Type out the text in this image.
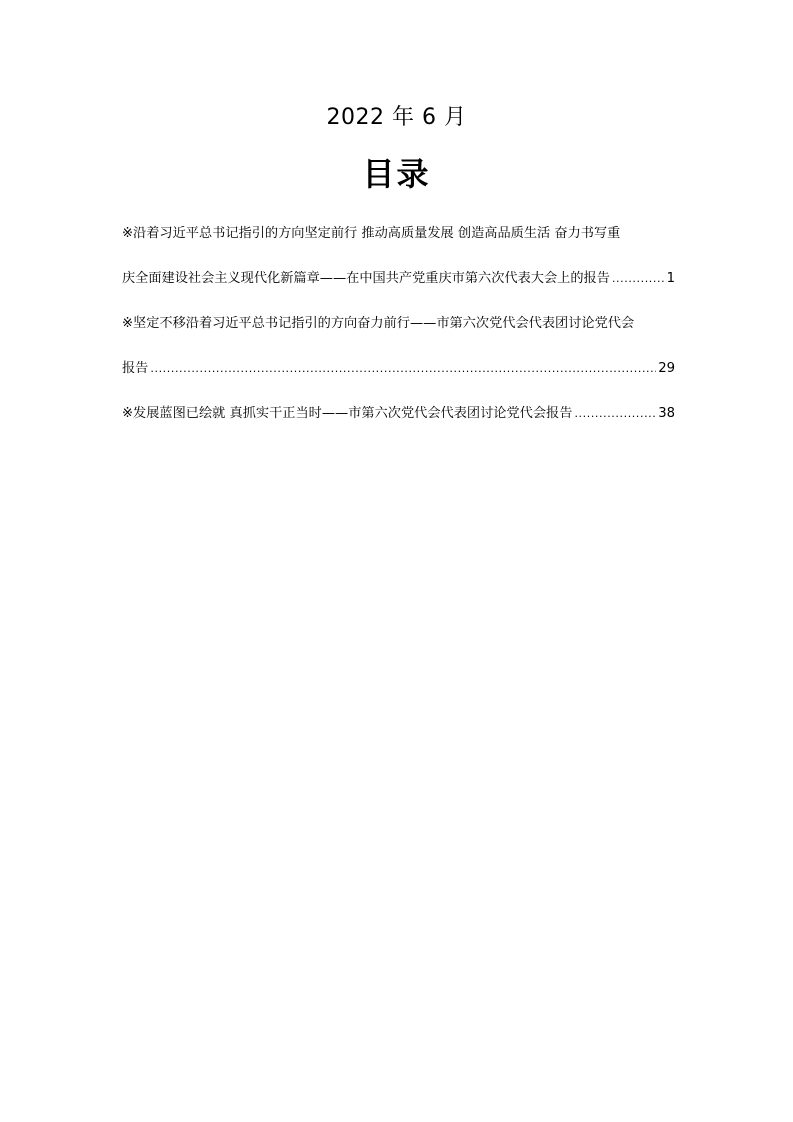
2022 年 6 月
目录
※沿着习近平总书记指引的方向坚定前行 推动高质量发展 创造高品质生活 奋力书写重
庆全面建设社会主义现代化新篇章——在中国共产党重庆市第六次代表大会上的报告 .....	1
※坚定不移沿着习近平总书记指引的方向奋力前行——市第六次党代会代表团讨论党代会
报告 .....	29
※发展蓝图已绘就 真抓实干正当时——市第六次党代会代表团讨论党代会报告 .....	38
